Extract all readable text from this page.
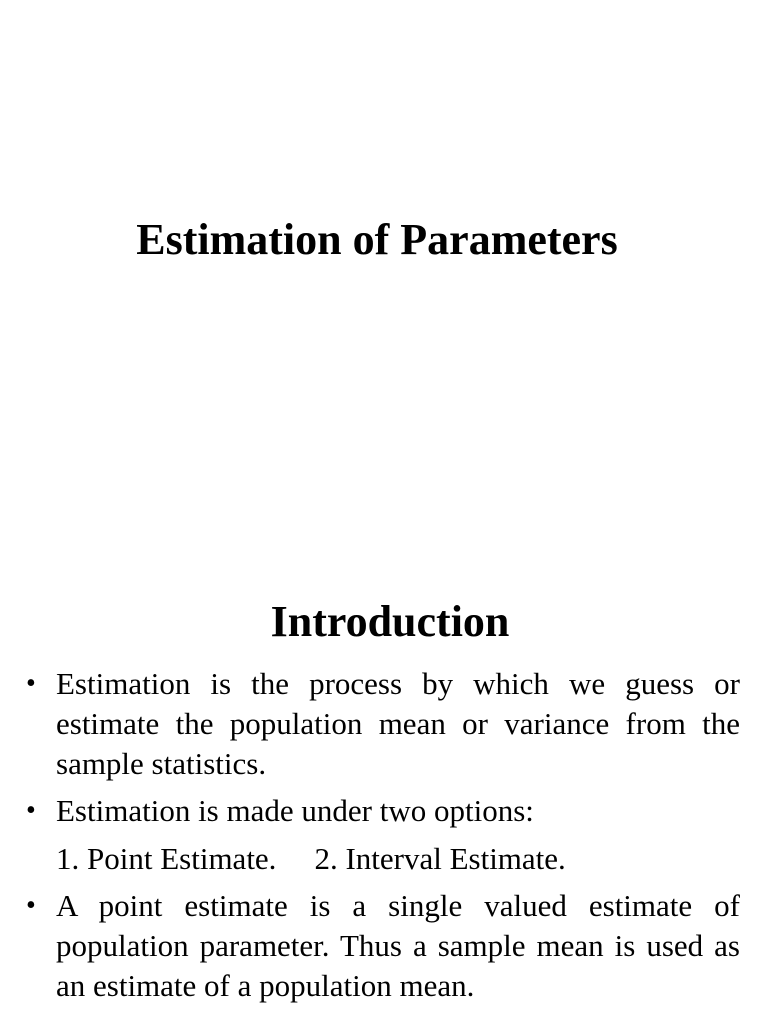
Estimation of Parameters
Introduction
• Estimation is the process by which we guess or estimate the population mean or variance from the sample statistics.
• Estimation is made under two options:
1. Point Estimate. 2. Interval Estimate.
• A point estimate is a single valued estimate of population parameter. Thus a sample mean is used as an estimate of a population mean.
